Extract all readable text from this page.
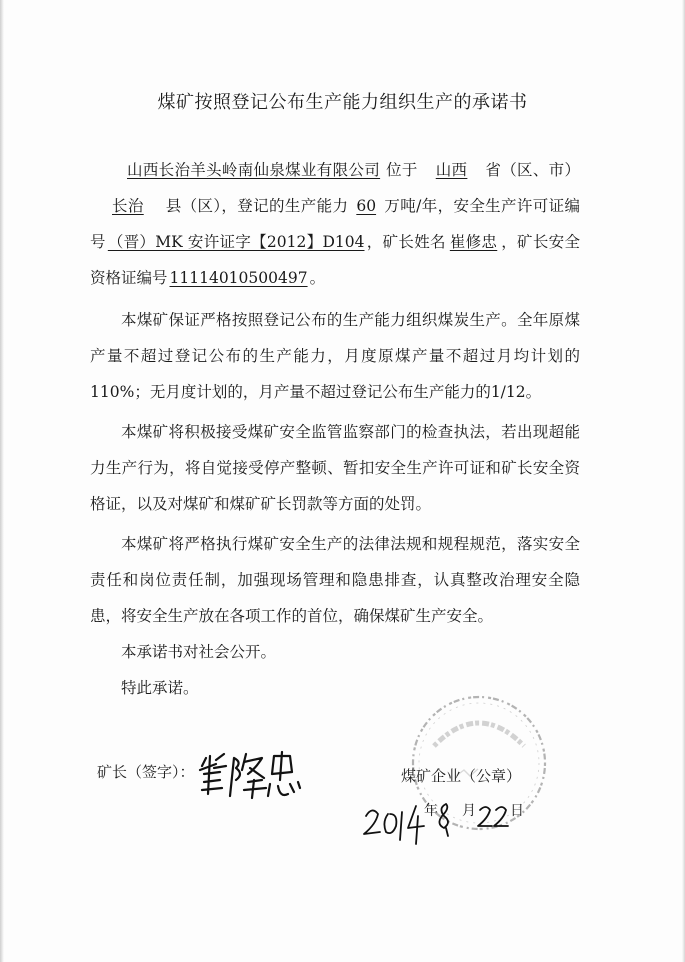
煤矿按照登记公布生产能力组织生产的承诺书

山西长治羊头岭南仙泉煤业有限公司 位于 山西 省（区、市）长治 县（区），登记的生产能力 60 万吨/年，安全生产许可证编号 （晋）MK 安许证字【2012】D104 ，矿长姓名 崔修忠 ，矿长安全资格证编号 11114010500497 。

本煤矿保证严格按照登记公布的生产能力组织煤炭生产。全年原煤产量不超过登记公布的生产能力，月度原煤产量不超过月均计划的110%；无月度计划的，月产量不超过登记公布生产能力的1/12。

本煤矿将积极接受煤矿安全监管监察部门的检查执法，若出现超能力生产行为，将自觉接受停产整顿、暂扣安全生产许可证和矿长安全资格证，以及对煤矿和煤矿矿长罚款等方面的处罚。

本煤矿将严格执行煤矿安全生产的法律法规和规程规范，落实安全责任和岗位责任制，加强现场管理和隐患排查，认真整改治理安全隐患，将安全生产放在各项工作的首位，确保煤矿生产安全。

本承诺书对社会公开。

特此承诺。

矿长（签字）：	煤矿企业（公章）
年 月 日
